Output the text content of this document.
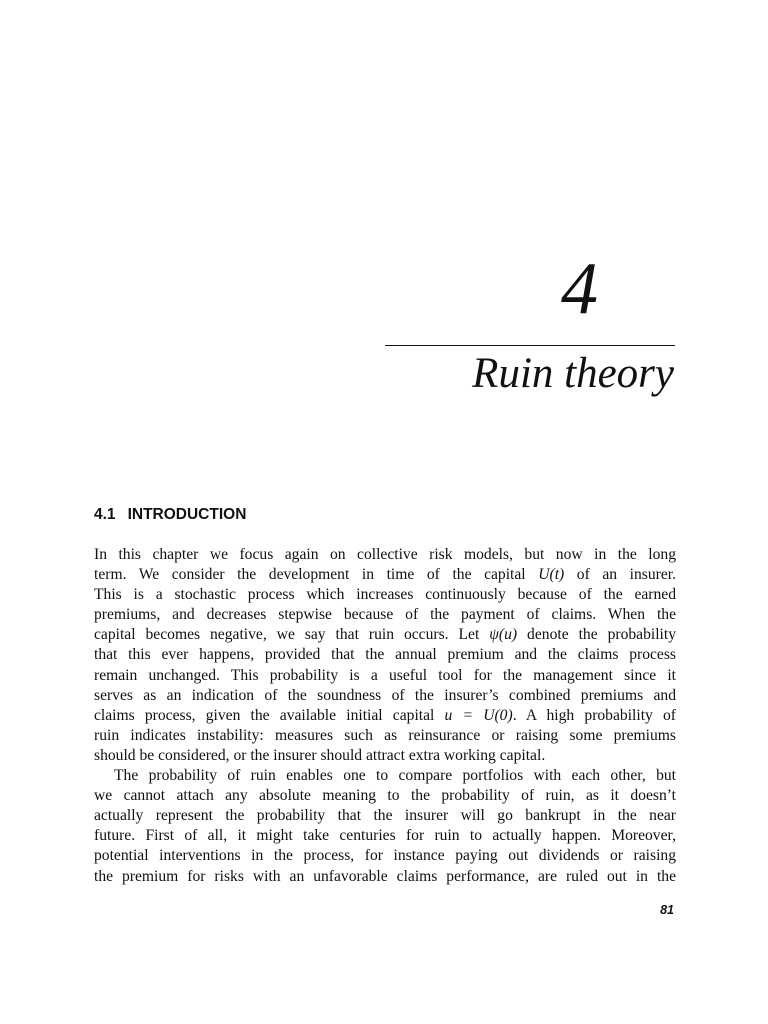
4
Ruin theory
4.1 INTRODUCTION
In this chapter we focus again on collective risk models, but now in the long
term. We consider the development in time of the capital U(t) of an insurer.
This is a stochastic process which increases continuously because of the earned
premiums, and decreases stepwise because of the payment of claims. When the
capital becomes negative, we say that ruin occurs. Let ψ(u) denote the probability
that this ever happens, provided that the annual premium and the claims process
remain unchanged. This probability is a useful tool for the management since it
serves as an indication of the soundness of the insurer’s combined premiums and
claims process, given the available initial capital u = U(0). A high probability of
ruin indicates instability: measures such as reinsurance or raising some premiums
should be considered, or the insurer should attract extra working capital.
The probability of ruin enables one to compare portfolios with each other, but
we cannot attach any absolute meaning to the probability of ruin, as it doesn’t
actually represent the probability that the insurer will go bankrupt in the near
future. First of all, it might take centuries for ruin to actually happen. Moreover,
potential interventions in the process, for instance paying out dividends or raising
the premium for risks with an unfavorable claims performance, are ruled out in the
81
